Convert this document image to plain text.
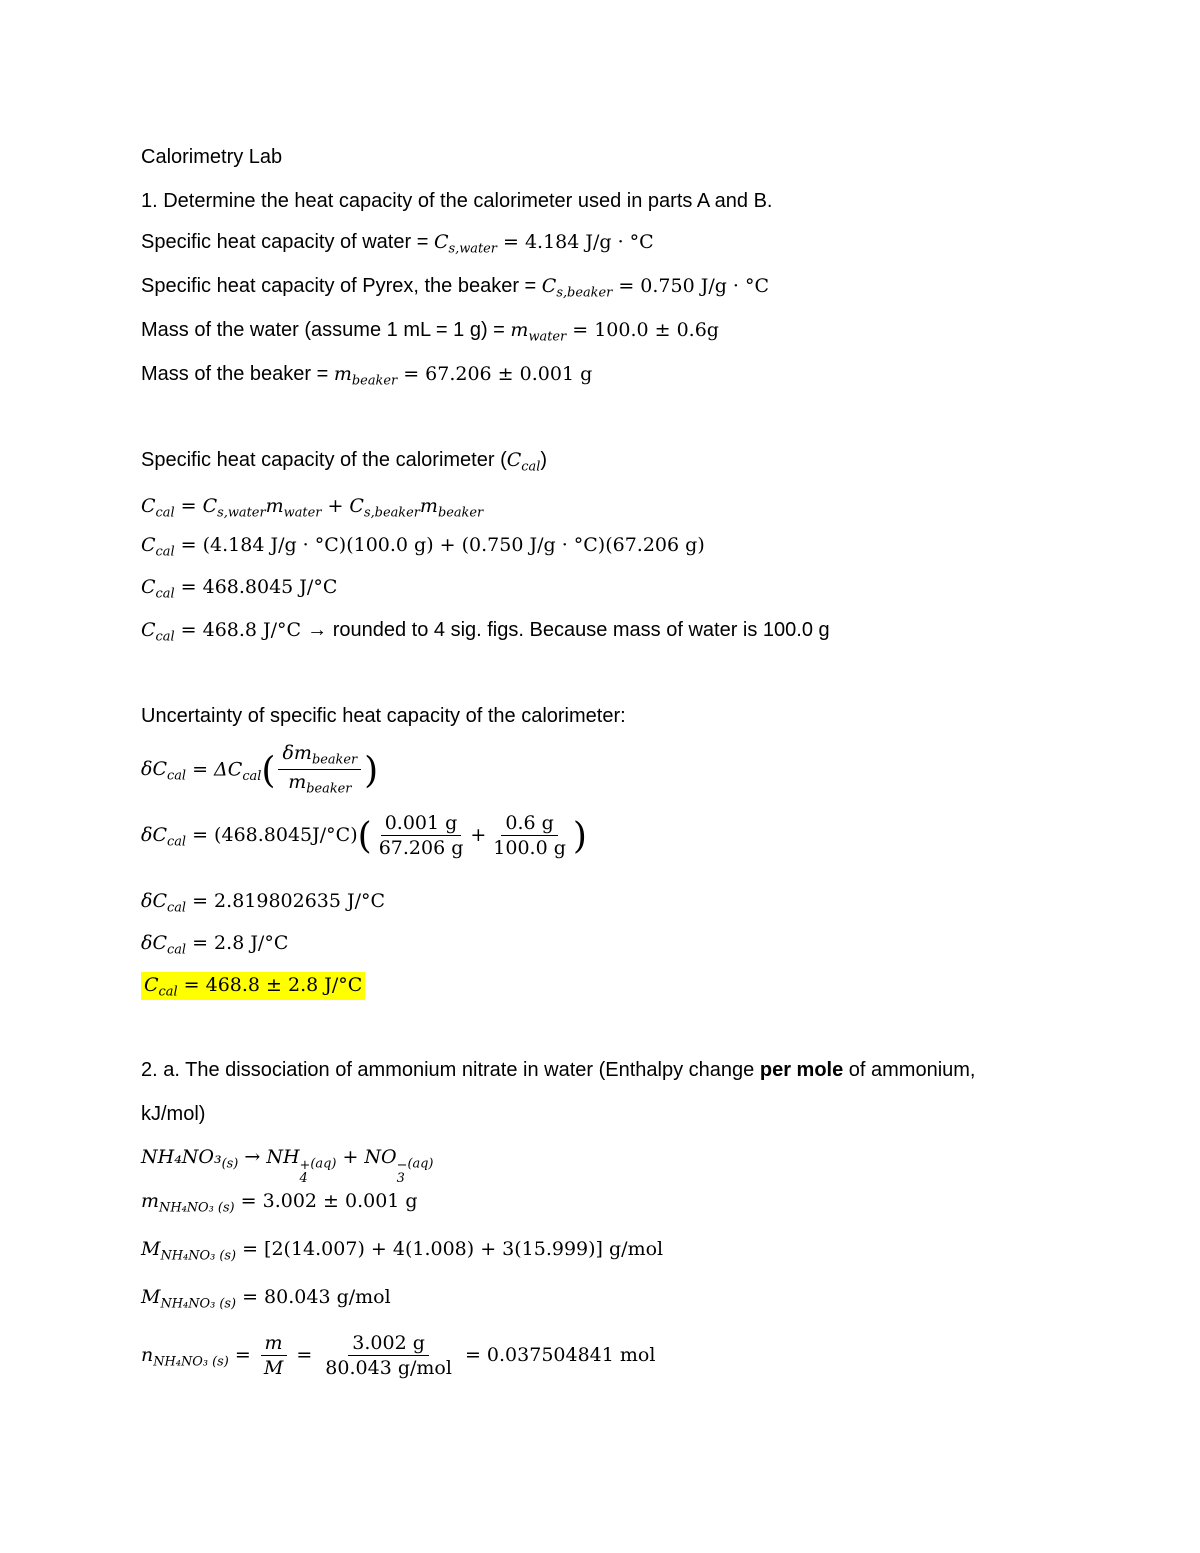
Calorimetry Lab
1. Determine the heat capacity of the calorimeter used in parts A and B.
Specific heat capacity of water = $C_{s,water} = 4.184$ J/g · °C
Specific heat capacity of Pyrex, the beaker = $C_{s,beaker} = 0.750$ J/g · °C
Mass of the water (assume 1 mL = 1 $g) = m_{water} = 100.0 \pm 0.6g$
Mass of the beaker = $m_{beaker} = 67.206 \pm 0.001$ g
Specific heat capacity of the calorimeter $(C_{cal})$
$C_{cal} = C_{s,water}m_{water} + C_{s,beaker}m_{beaker}$
$C_{cal} = (4.184$ J/g · °C)(100.0 g) + (0.750 J/g · °C)(67.206 g)
$C_{cal} = 468.8045$ J/°C
$C_{cal} = 468.8$ J/°C → rounded to 4 sig. figs. Because mass of water is 100.0 g
Uncertainty of specific heat capacity of the calorimeter:
$\delta C_{cal} = \Delta C_{cal}( \frac{\delta m_{beaker}}{m_{beaker}}$ )
$\delta C_{cal} = (468.8045J/^\circ C)( \frac{0.001 g}{67.206 g} + \frac{0.6 g}{100.0 g}$ )
$\delta C_{cal} = 2.819802635$ J/°C
$\delta C_{cal} = 2.8$ J/°C
$C_{cal} = 468.8 \pm 2.8$ J/°C
2. a. The dissociation of ammonium nitrate in water (Enthalpy change per mole of ammonium,
kJ/mol)
$NH_4NO_3_{(s)}$ → NH +
4
$_{(aq)}$ + NO −
3
$_{(aq)}$
$m_{NH_4NO_3 (s)} = 3.002 \pm 0.001$ g
$M_{NH_4NO_3 (s)} = [2(14.007) + 4(1.008) + 3(15.999)]$ g/mol
$M_{NH_4NO_3 (s)} = 80.043$ g/mol
$n_{NH_4NO_3 (s)} = \frac{m}{M} = \frac{3.002 g}{\text{80.043 g/mol}} = 0.037504841$ mol
